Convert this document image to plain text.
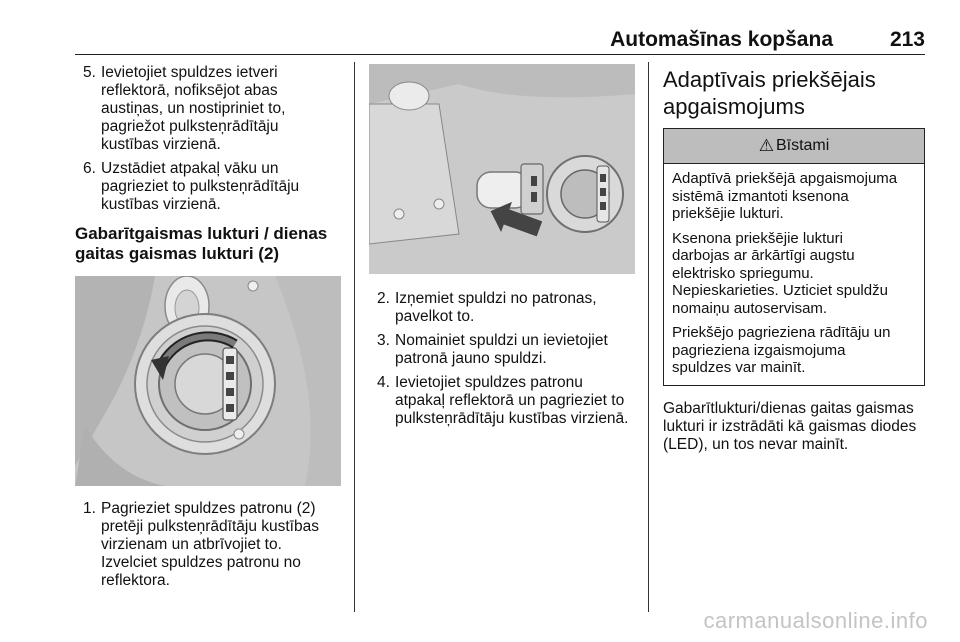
Automašīnas kopšana	213
5. Ievietojiet spuldzes ietveri
reflektorā, nofiksējot abas
austiņas, un nostipriniet to,
pagriežot pulksteņrādītāju
kustības virzienā.
6. Uzstādiet atpakaļ vāku un
pagrieziet to pulksteņrādītāju
kustības virzienā.
Gabarītgaismas lukturi / dienas
gaitas gaismas lukturi (2)
1. Pagrieziet spuldzes patronu (2)
pretēji pulksteņrādītāju kustības
virzienam un atbrīvojiet to.
Izvelciet spuldzes patronu no
reflektora.
2. Izņemiet spuldzi no patronas,
pavelkot to.
3. Nomainiet spuldzi un ievietojiet
patronā jauno spuldzi.
4. Ievietojiet spuldzes patronu
atpakaļ reflektorā un pagrieziet to
pulksteņrādītāju kustības virzienā.
Adaptīvais priekšējais
apgaismojums
⚠ Bīstami

Adaptīvā priekšējā apgaismojuma
sistēmā izmantoti ksenona
priekšējie lukturi.

Ksenona priekšējie lukturi
darbojas ar ārkārtīgi augstu
elektrisko spriegumu.
Nepieskarieties. Uzticiet spuldžu
nomaiņu autoservisam.

Priekšējo pagrieziena rādītāju un
pagrieziena izgaismojuma
spuldzes var mainīt.

Gabarītlukturi/dienas gaitas gaismas
lukturi ir izstrādāti kā gaismas diodes
(LED), un tos nevar mainīt.

carmanualsonline.info
